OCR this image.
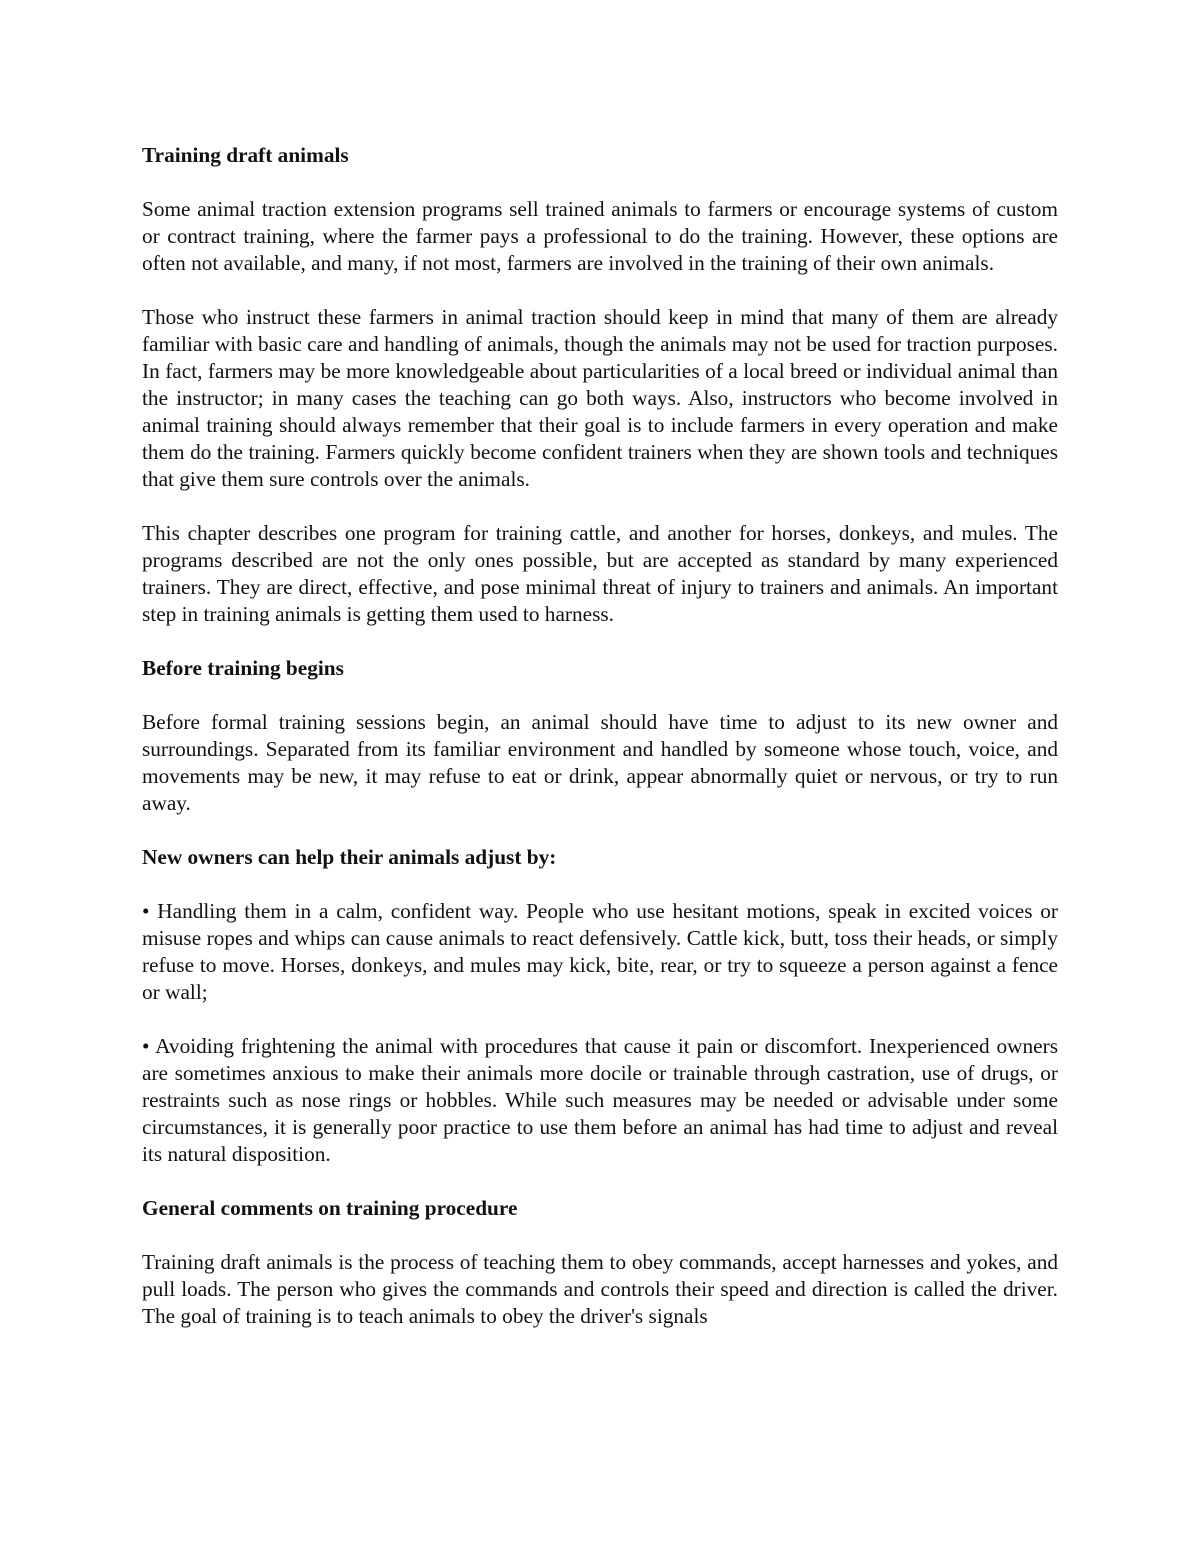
Training draft animals
Some animal traction extension programs sell trained animals to farmers or encourage systems of custom or contract training, where the farmer pays a professional to do the training. However, these options are often not available, and many, if not most, farmers are involved in the training of their own animals.
Those who instruct these farmers in animal traction should keep in mind that many of them are already familiar with basic care and handling of animals, though the animals may not be used for traction purposes. In fact, farmers may be more knowledgeable about particularities of a local breed or individual animal than the instructor; in many cases the teaching can go both ways. Also, instructors who become involved in animal training should always remember that their goal is to include farmers in every operation and make them do the training. Farmers quickly become confident trainers when they are shown tools and techniques that give them sure controls over the animals.
This chapter describes one program for training cattle, and another for horses, donkeys, and mules. The programs described are not the only ones possible, but are accepted as standard by many experienced trainers. They are direct, effective, and pose minimal threat of injury to trainers and animals. An important step in training animals is getting them used to harness.
Before training begins
Before formal training sessions begin, an animal should have time to adjust to its new owner and surroundings. Separated from its familiar environment and handled by someone whose touch, voice, and movements may be new, it may refuse to eat or drink, appear abnormally quiet or nervous, or try to run away.
New owners can help their animals adjust by:
• Handling them in a calm, confident way. People who use hesitant motions, speak in excited voices or misuse ropes and whips can cause animals to react defensively. Cattle kick, butt, toss their heads, or simply refuse to move. Horses, donkeys, and mules may kick, bite, rear, or try to squeeze a person against a fence or wall;
• Avoiding frightening the animal with procedures that cause it pain or discomfort. Inexperienced owners are sometimes anxious to make their animals more docile or trainable through castration, use of drugs, or restraints such as nose rings or hobbles. While such measures may be needed or advisable under some circumstances, it is generally poor practice to use them before an animal has had time to adjust and reveal its natural disposition.
General comments on training procedure
Training draft animals is the process of teaching them to obey commands, accept harnesses and yokes, and pull loads. The person who gives the commands and controls their speed and direction is called the driver. The goal of training is to teach animals to obey the driver's signals
